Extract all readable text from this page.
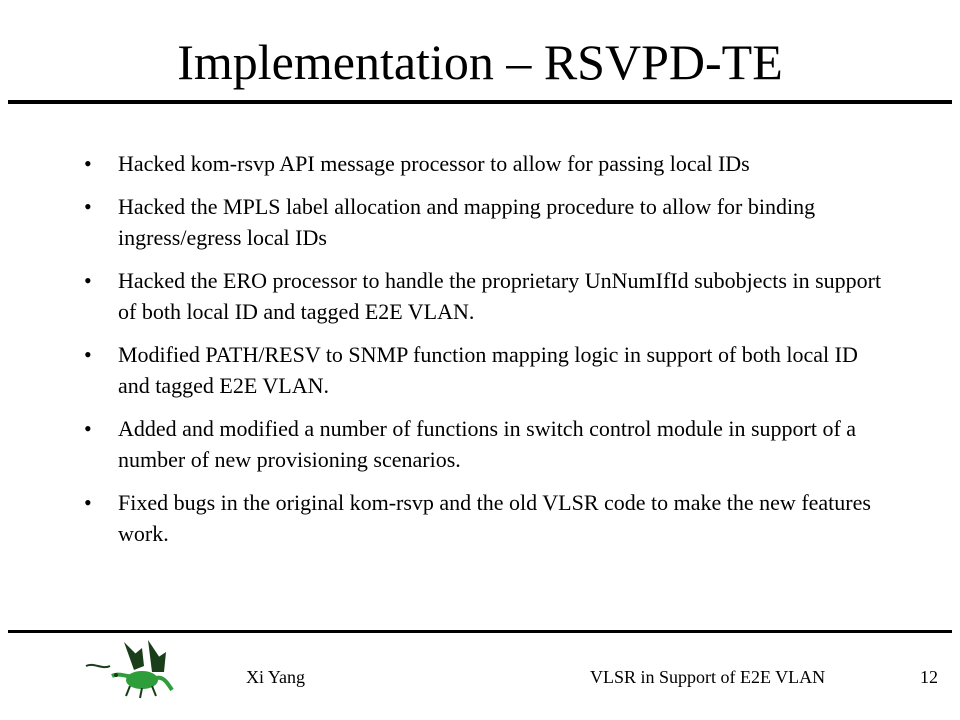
Implementation – RSVPD-TE
• Hacked kom-rsvp API message processor to allow for passing local IDs
• Hacked the MPLS label allocation and mapping procedure to allow for binding ingress/egress local IDs
• Hacked the ERO processor to handle the proprietary UnNumIfId subobjects in support of both local ID and tagged E2E VLAN.
• Modified PATH/RESV to SNMP function mapping logic in support of both local ID and tagged E2E VLAN.
• Added and modified a number of functions in switch control module in support of a number of new provisioning scenarios.
• Fixed bugs in the original kom-rsvp and the old VLSR code to make the new features work.
Xi Yang	VLSR in Support of E2E VLAN	12
